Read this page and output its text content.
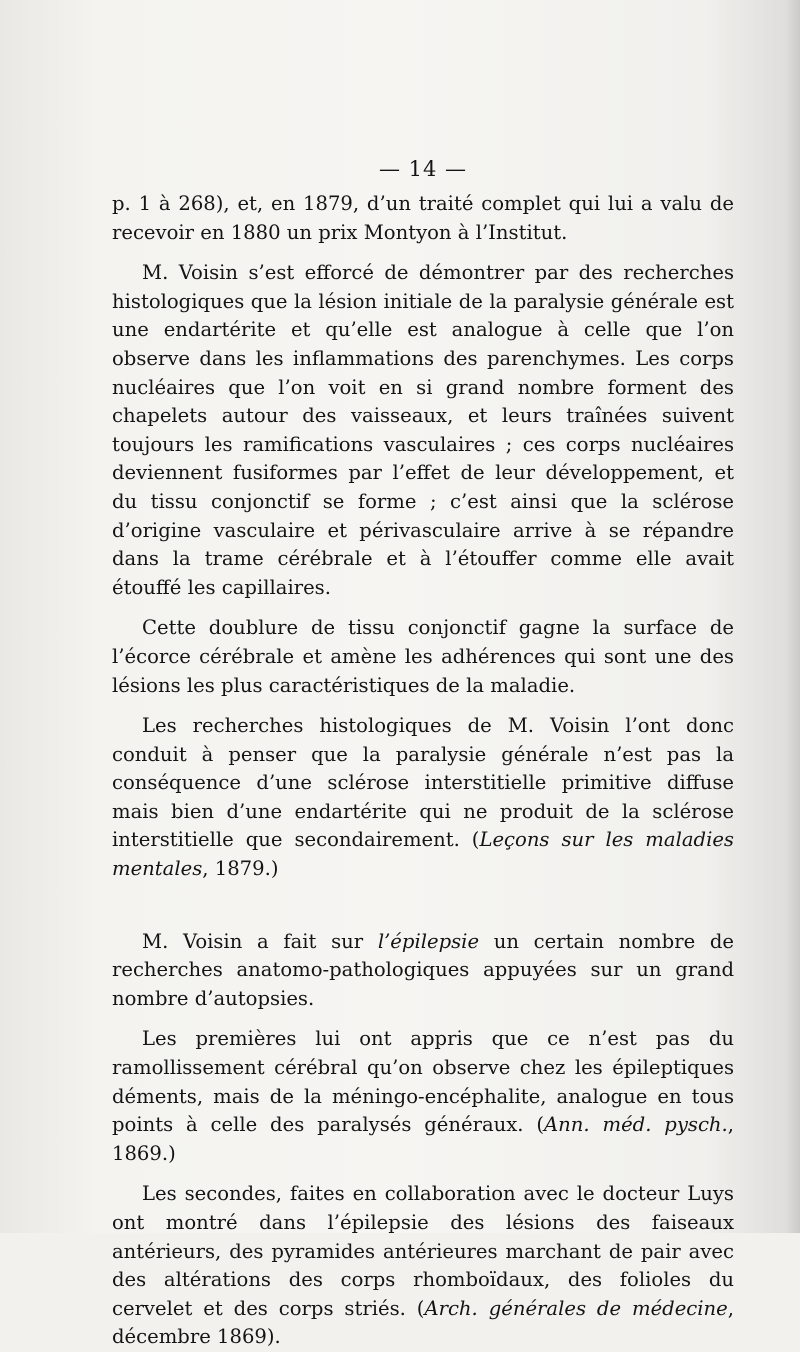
— 14 —

p. 1 à 268), et, en 1879, d’un traité complet qui lui a valu de recevoir en 1880 un prix Montyon à l’Institut.

M. Voisin s’est efforcé de démontrer par des recherches histologiques que la lésion initiale de la paralysie générale est une endartérite et qu’elle est analogue à celle que l’on observe dans les inflammations des parenchymes. Les corps nucléaires que l’on voit en si grand nombre forment des chapelets autour des vaisseaux, et leurs traînées suivent toujours les ramifications vasculaires ; ces corps nucléaires deviennent fusiformes par l’effet de leur développement, et du tissu conjonctif se forme ; c’est ainsi que la sclérose d’origine vasculaire et périvasculaire arrive à se répandre dans la trame cérébrale et à l’étouffer comme elle avait étouffé les capillaires.

Cette doublure de tissu conjonctif gagne la surface de l’écorce cérébrale et amène les adhérences qui sont une des lésions les plus caractéristiques de la maladie.

Les recherches histologiques de M. Voisin l’ont donc conduit à penser que la paralysie générale n’est pas la conséquence d’une sclérose interstitielle primitive diffuse mais bien d’une endartérite qui ne produit de la sclérose interstitielle que secondairement. (Leçons sur les maladies mentales, 1879.)

M. Voisin a fait sur l’épilepsie un certain nombre de recherches anatomo-pathologiques appuyées sur un grand nombre d’autopsies.

Les premières lui ont appris que ce n’est pas du ramollissement cérébral qu’on observe chez les épileptiques déments, mais de la méningo-encéphalite, analogue en tous points à celle des paralysés généraux. (Ann. méd. pysch., 1869.)

Les secondes, faites en collaboration avec le docteur Luys ont montré dans l’épilepsie des lésions des faiseaux antérieurs, des pyramides antérieures marchant de pair avec des altérations des corps rhomboïdaux, des folioles du cervelet et des corps striés. (Arch. générales de médecine, décembre 1869).
